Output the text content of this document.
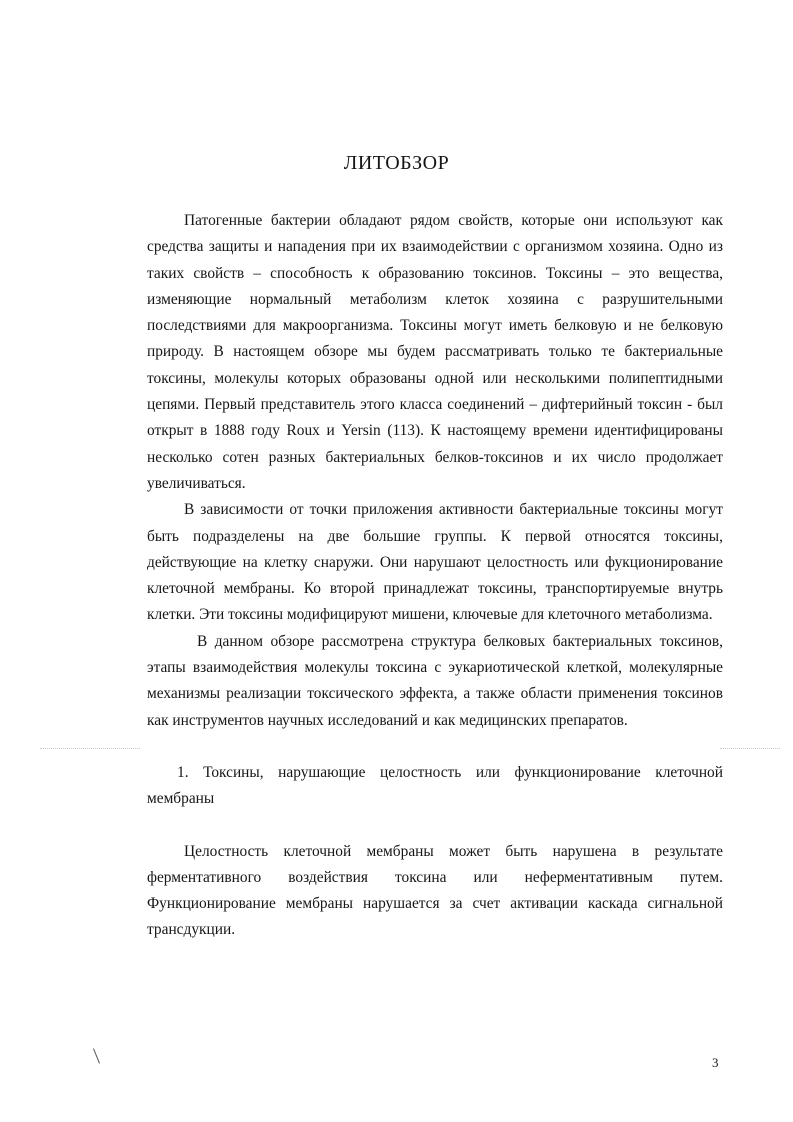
ЛИТОБЗОР

Патогенные бактерии обладают рядом свойств, которые они используют как средства защиты и нападения при их взаимодействии с организмом хозяина. Одно из таких свойств – способность к образованию токсинов. Токсины – это вещества, изменяющие нормальный метаболизм клеток хозяина с разрушительными последствиями для макроорганизма. Токсины могут иметь белковую и не белковую природу. В настоящем обзоре мы будем рассматривать только те бактериальные токсины, молекулы которых образованы одной или несколькими полипептидными цепями. Первый представитель этого класса соединений – дифтерийный токсин - был открыт в 1888 году Roux и Yersin (113). К настоящему времени идентифицированы несколько сотен разных бактериальных белков-токсинов и их число продолжает увеличиваться.

В зависимости от точки приложения активности бактериальные токсины могут быть подразделены на две большие группы. К первой относятся токсины, действующие на клетку снаружи. Они нарушают целостность или фукционирование клеточной мембраны. Ко второй принадлежат токсины, транспортируемые внутрь клетки. Эти токсины модифицируют мишени, ключевые для клеточного метаболизма.

В данном обзоре рассмотрена структура белковых бактериальных токсинов, этапы взаимодействия молекулы токсина с эукариотической клеткой, молекулярные механизмы реализации токсического эффекта, а также области применения токсинов как инструментов научных исследований и как медицинских препаратов.

1. Токсины, нарушающие целостность или функционирование клеточной мембраны

Целостность клеточной мембраны может быть нарушена в результате ферментативного воздействия токсина или неферментативным путем. Функционирование мембраны нарушается за счет активации каскада сигнальной трансдукции.

3
